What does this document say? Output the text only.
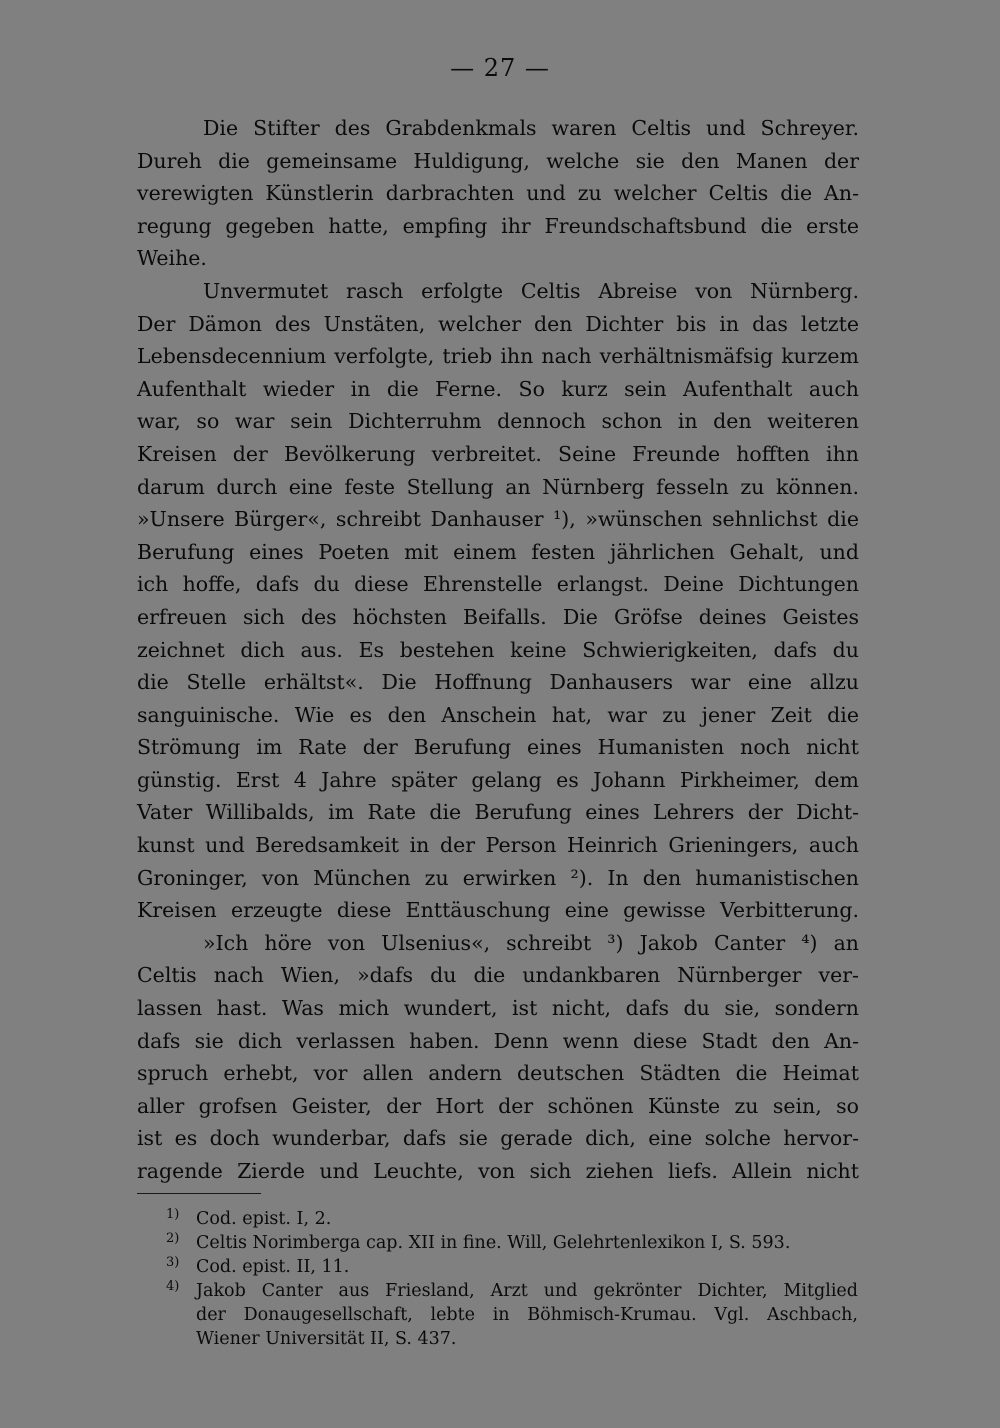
— 27 —
Die Stifter des Grabdenkmals waren Celtis und Schreyer.
Dureh die gemeinsame Huldigung, welche sie den Manen der
verewigten Künstlerin darbrachten und zu welcher Celtis die An-
regung gegeben hatte, empfing ihr Freundschaftsbund die erste
Weihe.
Unvermutet rasch erfolgte Celtis Abreise von Nürnberg.
Der Dämon des Unstäten, welcher den Dichter bis in das letzte
Lebensdecennium verfolgte, trieb ihn nach verhältnismäfsig kurzem
Aufenthalt wieder in die Ferne. So kurz sein Aufenthalt auch
war, so war sein Dichterruhm dennoch schon in den weiteren
Kreisen der Bevölkerung verbreitet. Seine Freunde hofften ihn
darum durch eine feste Stellung an Nürnberg fesseln zu können.
»Unsere Bürger«, schreibt Danhauser ¹), »wünschen sehnlichst die
Berufung eines Poeten mit einem festen jährlichen Gehalt, und
ich hoffe, dafs du diese Ehrenstelle erlangst. Deine Dichtungen
erfreuen sich des höchsten Beifalls. Die Gröfse deines Geistes
zeichnet dich aus. Es bestehen keine Schwierigkeiten, dafs du
die Stelle erhältst«. Die Hoffnung Danhausers war eine allzu
sanguinische. Wie es den Anschein hat, war zu jener Zeit die
Strömung im Rate der Berufung eines Humanisten noch nicht
günstig. Erst 4 Jahre später gelang es Johann Pirkheimer, dem
Vater Willibalds, im Rate die Berufung eines Lehrers der Dicht-
kunst und Beredsamkeit in der Person Heinrich Grieningers, auch
Groninger, von München zu erwirken ²). In den humanistischen
Kreisen erzeugte diese Enttäuschung eine gewisse Verbitterung.
»Ich höre von Ulsenius«, schreibt ³) Jakob Canter ⁴) an
Celtis nach Wien, »dafs du die undankbaren Nürnberger ver-
lassen hast. Was mich wundert, ist nicht, dafs du sie, sondern
dafs sie dich verlassen haben. Denn wenn diese Stadt den An-
spruch erhebt, vor allen andern deutschen Städten die Heimat
aller grofsen Geister, der Hort der schönen Künste zu sein, so
ist es doch wunderbar, dafs sie gerade dich, eine solche hervor-
ragende Zierde und Leuchte, von sich ziehen liefs. Allein nicht
1) Cod. epist. I, 2.
2) Celtis Norimberga cap. XII in fine. Will, Gelehrtenlexikon I, S. 593.
3) Cod. epist. II, 11.
4) Jakob Canter aus Friesland, Arzt und gekrönter Dichter, Mitglied
der Donaugesellschaft, lebte in Böhmisch-Krumau. Vgl. Aschbach,
Wiener Universität II, S. 437.
